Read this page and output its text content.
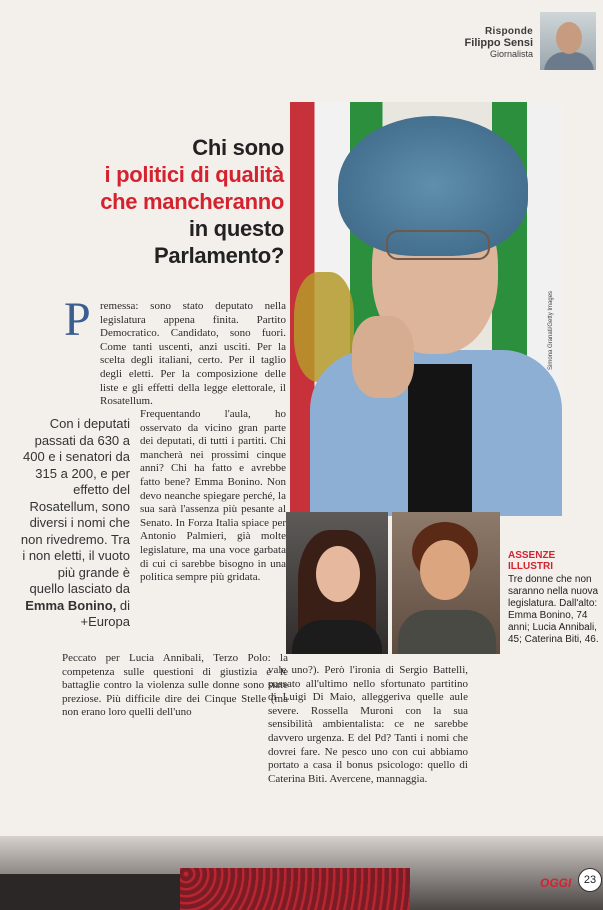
Risponde
Filippo Sensi
Giornalista
Chi sono
i politici di qualità
che mancheranno
in questo
Parlamento?
Simona Granati/Getty Images
ASSENZE
ILLUSTRI
Tre donne che non saranno nella nuova legislatura. Dall'alto: Emma Bonino, 74 anni; Lucia Annibali, 45; Caterina Biti, 46.
Con i deputati passati da 630 a 400 e i senatori da 315 a 200, e per effetto del Rosatellum, sono diversi i nomi che non rivedremo. Tra i non eletti, il vuoto più grande è quello lasciato da Emma Bonino, di +Europa
P remessa: sono stato deputato nella legislatura appena finita. Partito Democratico. Candidato, sono fuori. Come tanti uscenti, anzi usciti. Per la scelta degli italiani, certo. Per il taglio degli eletti. Per la composizione delle liste e gli effetti della legge elettorale, il Rosatellum.
Frequentando l'aula, ho osservato da vicino gran parte dei deputati, di tutti i partiti. Chi mancherà nei prossimi cinque anni? Chi ha fatto e avrebbe fatto bene? Emma Bonino. Non devo neanche spiegare perché, la sua sarà l'assenza più pesante al Senato. In Forza Italia spiace per Antonio Palmieri, già molte legislature, ma una voce garbata di cui ci sarebbe bisogno in una politica sempre più gridata.
Peccato per Lucia Annibali, Terzo Polo: la competenza sulle questioni di giustizia e le battaglie contro la violenza sulle donne sono state preziose. Più difficile dire dei Cinque Stelle (ma non erano loro quelli dell'uno
vale uno?). Però l'ironia di Sergio Battelli, passato all'ultimo nello sfortunato partitino di Luigi Di Maio, alleggeriva quelle aule severe. Rossella Muroni con la sua sensibilità ambientalista: ce ne sarebbe davvero urgenza. E del Pd? Tanti i nomi che dovrei fare. Ne pesco uno con cui abbiamo portato a casa il bonus psicologo: quello di Caterina Biti. Avercene, mannaggia.
OGGI	23
